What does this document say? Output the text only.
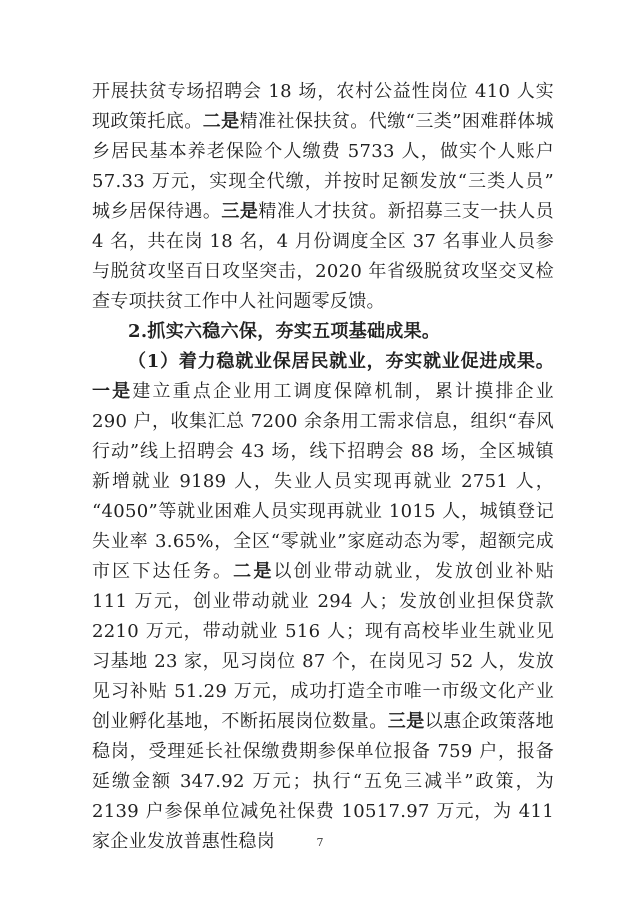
开展扶贫专场招聘会 18 场，农村公益性岗位 410 人实现政策托底。二是精准社保扶贫。代缴“三类”困难群体城乡居民基本养老保险个人缴费 5733 人，做实个人账户 57.33 万元，实现全代缴，并按时足额发放“三类人员”城乡居保待遇。三是精准人才扶贫。新招募三支一扶人员 4 名，共在岗 18 名，4 月份调度全区 37 名事业人员参与脱贫攻坚百日攻坚突击，2020 年省级脱贫攻坚交叉检查专项扶贫工作中人社问题零反馈。

2.抓实六稳六保，夯实五项基础成果。

（1）着力稳就业保居民就业，夯实就业促进成果。一是建立重点企业用工调度保障机制，累计摸排企业 290 户，收集汇总 7200 余条用工需求信息，组织“春风行动”线上招聘会 43 场，线下招聘会 88 场，全区城镇新增就业 9189 人，失业人员实现再就业 2751 人，“4050”等就业困难人员实现再就业 1015 人，城镇登记失业率 3.65%，全区“零就业”家庭动态为零，超额完成市区下达任务。二是以创业带动就业，发放创业补贴 111 万元，创业带动就业 294 人；发放创业担保贷款 2210 万元，带动就业 516 人；现有高校毕业生就业见习基地 23 家，见习岗位 87 个，在岗见习 52 人，发放见习补贴 51.29 万元，成功打造全市唯一市级文化产业创业孵化基地，不断拓展岗位数量。三是以惠企政策落地稳岗，受理延长社保缴费期参保单位报备 759 户，报备延缴金额 347.92 万元；执行“五免三减半”政策，为 2139 户参保单位减免社保费 10517.97 万元，为 411 家企业发放普惠性稳岗	7
